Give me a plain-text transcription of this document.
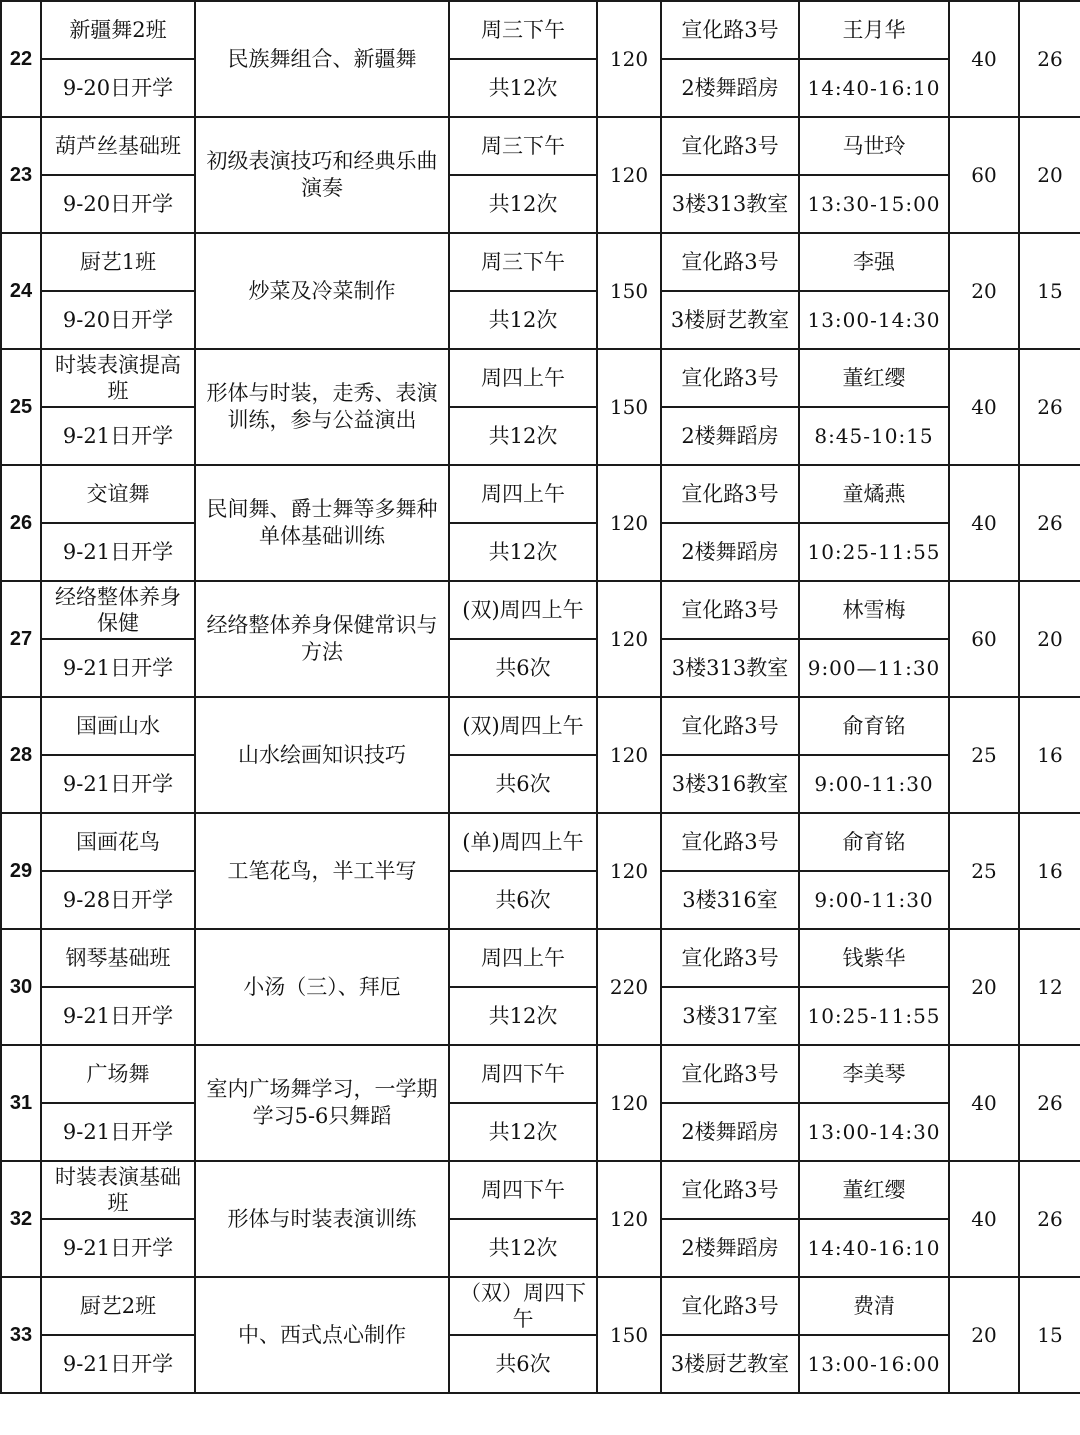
22	新疆舞2班	民族舞组合、新疆舞	周三下午	120	宣化路3号	王月华	40	26
	9-20日开学		共12次		2楼舞蹈房	14:40-16:10		
23	葫芦丝基础班	初级表演技巧和经典乐曲演奏	周三下午	120	宣化路3号	马世玲	60	20
	9-20日开学		共12次		3楼313教室	13:30-15:00		
24	厨艺1班	炒菜及冷菜制作	周三下午	150	宣化路3号	李强	20	15
	9-20日开学		共12次		3楼厨艺教室	13:00-14:30		
25	时装表演提高班	形体与时装，走秀、表演训练，参与公益演出	周四上午	150	宣化路3号	董红缨	40	26
	9-21日开学		共12次		2楼舞蹈房	8:45-10:15		
26	交谊舞	民间舞、爵士舞等多舞种单体基础训练	周四上午	120	宣化路3号	童燏燕	40	26
	9-21日开学		共12次		2楼舞蹈房	10:25-11:55		
27	经络整体养身保健	经络整体养身保健常识与方法	(双)周四上午	120	宣化路3号	林雪梅	60	20
	9-21日开学		共6次		3楼313教室	9:00—11:30		
28	国画山水	山水绘画知识技巧	(双)周四上午	120	宣化路3号	俞育铭	25	16
	9-21日开学		共6次		3楼316教室	9:00-11:30		
29	国画花鸟	工笔花鸟，半工半写	(单)周四上午	120	宣化路3号	俞育铭	25	16
	9-28日开学		共6次		3楼316室	9:00-11:30		
30	钢琴基础班	小汤（三）、拜厄	周四上午	220	宣化路3号	钱紫华	20	12
	9-21日开学		共12次		3楼317室	10:25-11:55		
31	广场舞	室内广场舞学习，一学期学习5-6只舞蹈	周四下午	120	宣化路3号	李美琴	40	26
	9-21日开学		共12次		2楼舞蹈房	13:00-14:30		
32	时装表演基础班	形体与时装表演训练	周四下午	120	宣化路3号	董红缨	40	26
	9-21日开学		共12次		2楼舞蹈房	14:40-16:10		
33	厨艺2班	中、西式点心制作	（双）周四下午	150	宣化路3号	费清	20	15
	9-21日开学		共6次		3楼厨艺教室	13:00-16:00		
